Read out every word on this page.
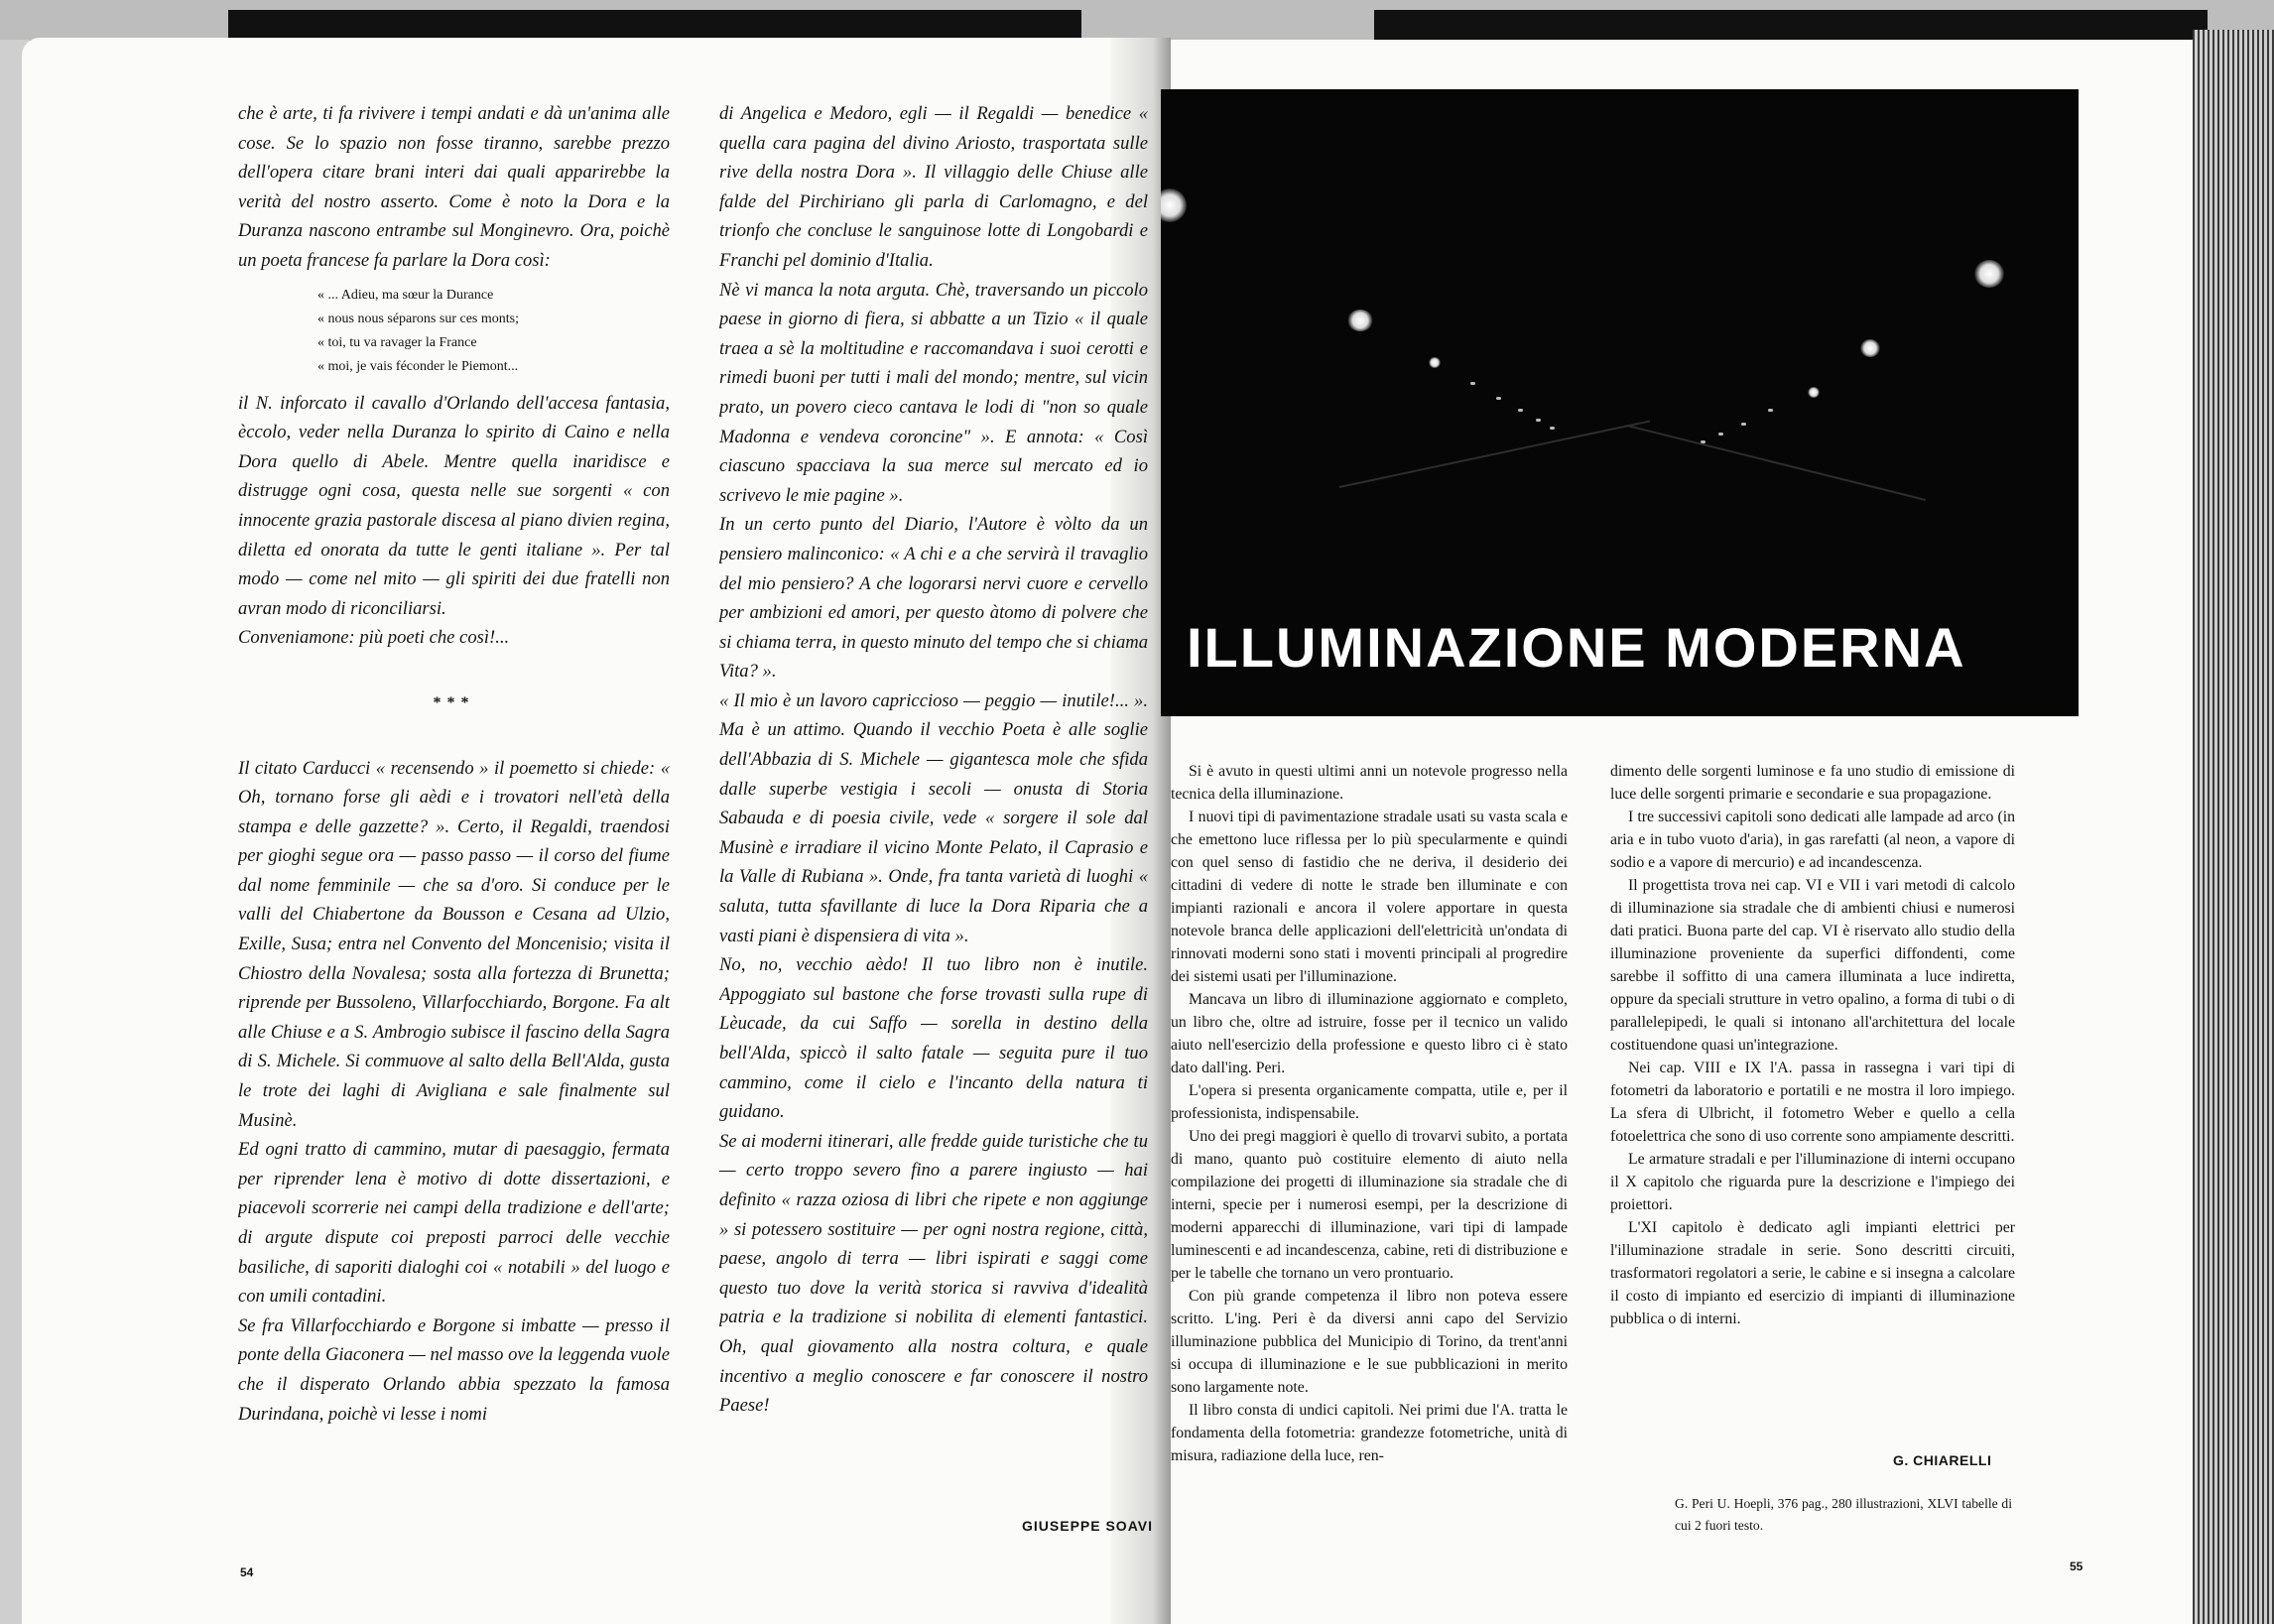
che è arte, ti fa rivivere i tempi andati e dà un'anima alle cose. Se lo spazio non fosse tiranno, sarebbe prezzo dell'opera citare brani interi dai quali apparirebbe la verità del nostro asserto. Come è noto la Dora e la Duranza nascono entrambe sul Monginevro. Ora, poichè un poeta francese fa parlare la Dora così:

« ... Adieu, ma sœur la Durance
« nous nous séparons sur ces monts;
« toi, tu va ravager la France
« moi, je vais féconder le Piemont...

il N. inforcato il cavallo d'Orlando dell'accesa fantasia, èccolo, veder nella Duranza lo spirito di Caino e nella Dora quello di Abele. Mentre quella inaridisce e distrugge ogni cosa, questa nelle sue sorgenti « con innocente grazia pastorale discesa al piano divien regina, diletta ed onorata da tutte le genti italiane ». Per tal modo — come nel mito — gli spiriti dei due fratelli non avran modo di riconciliarsi.

Conveniamone: più poeti che così!...

***

Il citato Carducci « recensendo » il poemetto si chiede: « Oh, tornano forse gli aèdi e i trovatori nell'età della stampa e delle gazzette? ». Certo, il Regaldi, traendosi per gioghi segue ora — passo passo — il corso del fiume dal nome femminile — che sa d'oro. Si conduce per le valli del Chiabertone da Bousson e Cesana ad Ulzio, Exille, Susa; entra nel Convento del Moncenisio; visita il Chiostro della Novalesa; sosta alla fortezza di Brunetta; riprende per Bussoleno, Villarfocchiardo, Borgone. Fa alt alle Chiuse e a S. Ambrogio subisce il fascino della Sagra di S. Michele. Si commuove al salto della Bell'Alda, gusta le trote dei laghi di Avigliana e sale finalmente sul Musinè.

Ed ogni tratto di cammino, mutar di paesaggio, fermata per riprender lena è motivo di dotte dissertazioni, e piacevoli scorrerie nei campi della tradizione e dell'arte; di argute dispute coi preposti parroci delle vecchie basiliche, di saporiti dialoghi coi « notabili » del luogo e con umili contadini.

Se fra Villarfocchiardo e Borgone si imbatte — presso il ponte della Giaconera — nel masso ove la leggenda vuole che il disperato Orlando abbia spezzato la famosa Durindana, poichè vi lesse i nomi

di Angelica e Medoro, egli — il Regaldi — benedice « quella cara pagina del divino Ariosto, trasportata sulle rive della nostra Dora ». Il villaggio delle Chiuse alle falde del Pirchiriano gli parla di Carlomagno, e del trionfo che concluse le sanguinose lotte di Longobardi e Franchi pel dominio d'Italia.

Nè vi manca la nota arguta. Chè, traversando un piccolo paese in giorno di fiera, si abbatte a un Tizio « il quale traea a sè la moltitudine e raccomandava i suoi cerotti e rimedi buoni per tutti i mali del mondo; mentre, sul vicin prato, un povero cieco cantava le lodi di "non so quale Madonna e vendeva coroncine" ». E annota: « Così ciascuno spacciava la sua merce sul mercato ed io scrivevo le mie pagine ».

In un certo punto del Diario, l'Autore è vòlto da un pensiero malinconico: « A chi e a che servirà il travaglio del mio pensiero? A che logorarsi nervi cuore e cervello per ambizioni ed amori, per questo àtomo di polvere che si chiama terra, in questo minuto del tempo che si chiama Vita? ».

« Il mio è un lavoro capriccioso — peggio — inutile!... ». Ma è un attimo. Quando il vecchio Poeta è alle soglie dell'Abbazia di S. Michele — gigantesca mole che sfida dalle superbe vestigia i secoli — onusta di Storia Sabauda e di poesia civile, vede « sorgere il sole dal Musinè e irradiare il vicino Monte Pelato, il Caprasio e la Valle di Rubiana ». Onde, fra tanta varietà di luoghi « saluta, tutta sfavillante di luce la Dora Riparia che a vasti piani è dispensiera di vita ».

No, no, vecchio aèdo! Il tuo libro non è inutile. Appoggiato sul bastone che forse trovasti sulla rupe di Lèucade, da cui Saffo — sorella in destino della bell'Alda, spiccò il salto fatale — seguita pure il tuo cammino, come il cielo e l'incanto della natura ti guidano.

Se ai moderni itinerari, alle fredde guide turistiche che tu — certo troppo severo fino a parere ingiusto — hai definito « razza oziosa di libri che ripete e non aggiunge » si potessero sostituire — per ogni nostra regione, città, paese, angolo di terra — libri ispirati e saggi come questo tuo dove la verità storica si ravviva d'idealità patria e la tradizione si nobilita di elementi fantastici. Oh, qual giovamento alla nostra coltura, e quale incentivo a meglio conoscere e far conoscere il nostro Paese!

GIUSEPPE SOAVI
54
ILLUMINAZIONE MODERNA

Si è avuto in questi ultimi anni un notevole progresso nella tecnica della illuminazione.

I nuovi tipi di pavimentazione stradale usati su vasta scala e che emettono luce riflessa per lo più specularmente e quindi con quel senso di fastidio che ne deriva, il desiderio dei cittadini di vedere di notte le strade ben illuminate e con impianti razionali e ancora il volere apportare in questa notevole branca delle applicazioni dell'elettricità un'ondata di rinnovati moderni sono stati i moventi principali al progredire dei sistemi usati per l'illuminazione.

Mancava un libro di illuminazione aggiornato e completo, un libro che, oltre ad istruire, fosse per il tecnico un valido aiuto nell'esercizio della professione e questo libro ci è stato dato dall'ing. Peri.

L'opera si presenta organicamente compatta, utile e, per il professionista, indispensabile.

Uno dei pregi maggiori è quello di trovarvi subito, a portata di mano, quanto può costituire elemento di aiuto nella compilazione dei progetti di illuminazione sia stradale che di interni, specie per i numerosi esempi, per la descrizione di moderni apparecchi di illuminazione, vari tipi di lampade luminescenti e ad incandescenza, cabine, reti di distribuzione e per le tabelle che tornano un vero prontuario.

Con più grande competenza il libro non poteva essere scritto. L'ing. Peri è da diversi anni capo del Servizio illuminazione pubblica del Municipio di Torino, da trent'anni si occupa di illuminazione e le sue pubblicazioni in merito sono largamente note.

Il libro consta di undici capitoli. Nei primi due l'A. tratta le fondamenta della fotometria: grandezze fotometriche, unità di misura, radiazione della luce, ren-

dimento delle sorgenti luminose e fa uno studio di emissione di luce delle sorgenti primarie e secondarie e sua propagazione.

I tre successivi capitoli sono dedicati alle lampade ad arco (in aria e in tubo vuoto d'aria), in gas rarefatti (al neon, a vapore di sodio e a vapore di mercurio) e ad incandescenza.

Il progettista trova nei cap. VI e VII i vari metodi di calcolo di illuminazione sia stradale che di ambienti chiusi e numerosi dati pratici. Buona parte del cap. VI è riservato allo studio della illuminazione proveniente da superfici diffondenti, come sarebbe il soffitto di una camera illuminata a luce indiretta, oppure da speciali strutture in vetro opalino, a forma di tubi o di parallelepipedi, le quali si intonano all'architettura del locale costituendone quasi un'integrazione.

Nei cap. VIII e IX l'A. passa in rassegna i vari tipi di fotometri da laboratorio e portatili e ne mostra il loro impiego. La sfera di Ulbricht, il fotometro Weber e quello a cella fotoelettrica che sono di uso corrente sono ampiamente descritti.

Le armature stradali e per l'illuminazione di interni occupano il X capitolo che riguarda pure la descrizione e l'impiego dei proiettori.

L'XI capitolo è dedicato agli impianti elettrici per l'illuminazione stradale in serie. Sono descritti circuiti, trasformatori regolatori a serie, le cabine e si insegna a calcolare il costo di impianto ed esercizio di impianti di illuminazione pubblica o di interni.

G. CHIARELLI
G. Peri U. Hoepli, 376 pag., 280 illustrazioni, XLVI tabelle di cui 2 fuori testo.
55
